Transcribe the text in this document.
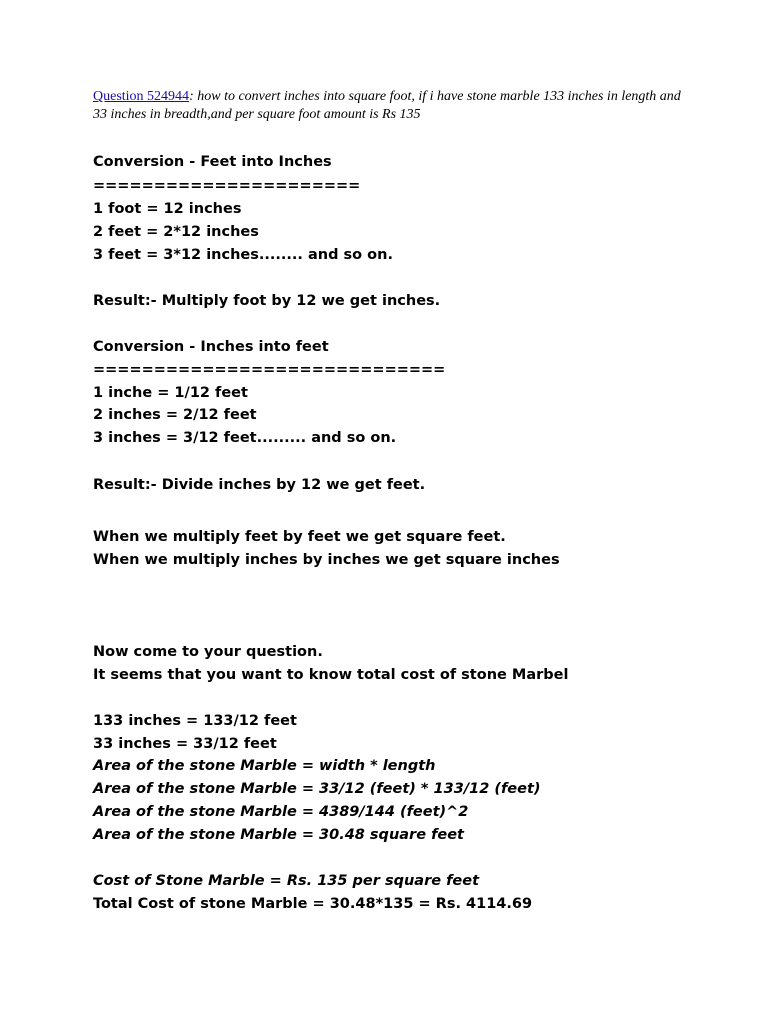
Question 524944: how to convert inches into square foot, if i have stone marble 133 inches in length and 33 inches in breadth,and per square foot amount is Rs 135
Conversion - Feet into Inches
======================
1 foot = 12 inches
2 feet = 2*12 inches
3 feet = 3*12 inches........ and so on.
Result:- Multiply foot by 12 we get inches.
Conversion - Inches into feet
=============================
1 inche = 1/12 feet
2 inches = 2/12 feet
3 inches = 3/12 feet......... and so on.
Result:- Divide inches by 12 we get feet.
When we multiply feet by feet we get square feet.
When we multiply inches by inches we get square inches
Now come to your question.
It seems that you want to know total cost of stone Marbel
133 inches = 133/12 feet
33 inches = 33/12 feet
Area of the stone Marble = width * length
Area of the stone Marble = 33/12 (feet) * 133/12 (feet)
Area of the stone Marble = 4389/144 (feet)^2
Area of the stone Marble = 30.48 square feet
Cost of Stone Marble = Rs. 135 per square feet
Total Cost of stone Marble = 30.48*135 = Rs. 4114.69
